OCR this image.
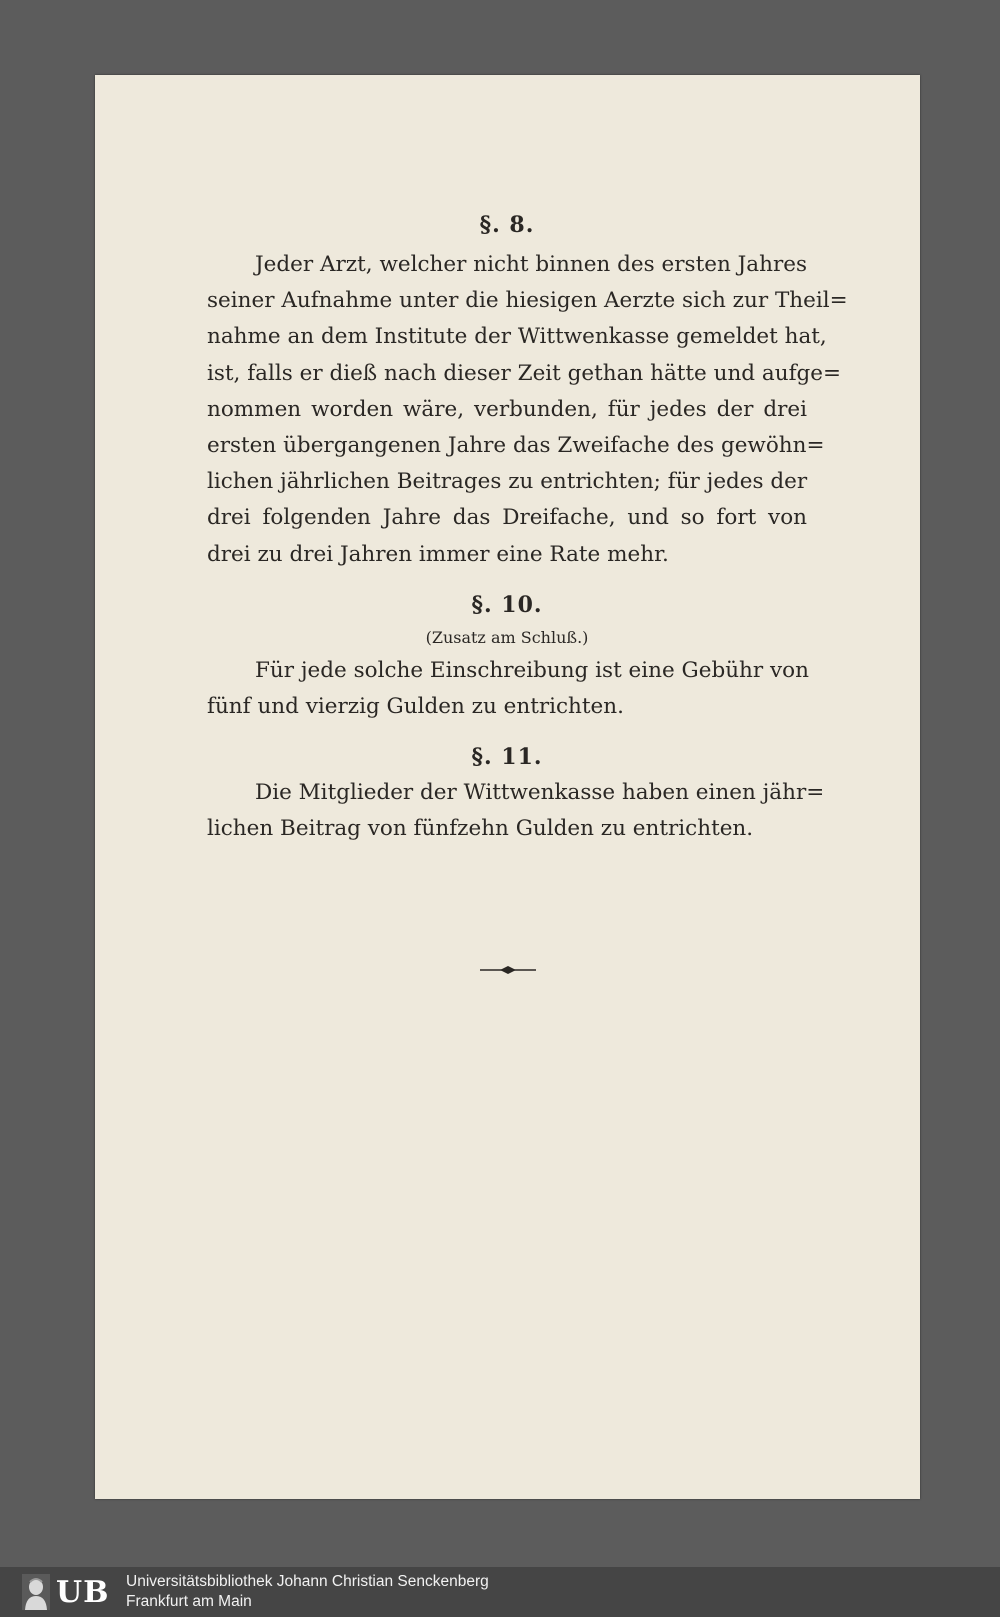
§. 8.

Jeder Arzt, welcher nicht binnen des ersten Jahres
seiner Aufnahme unter die hiesigen Aerzte sich zur Theil=
nahme an dem Institute der Wittwenkasse gemeldet hat,
ist, falls er dieß nach dieser Zeit gethan hätte und aufge=
nommen worden wäre, verbunden, für jedes der drei
ersten übergangenen Jahre das Zweifache des gewöhn=
lichen jährlichen Beitrages zu entrichten; für jedes der
drei folgenden Jahre das Dreifache, und so fort von
drei zu drei Jahren immer eine Rate mehr.

§. 10.

(Zusatz am Schluß.)

Für jede solche Einschreibung ist eine Gebühr von
fünf und vierzig Gulden zu entrichten.

§. 11.

Die Mitglieder der Wittwenkasse haben einen jähr=
lichen Beitrag von fünfzehn Gulden zu entrichten.

UB Universitätsbibliothek Johann Christian Senckenberg
Frankfurt am Main
